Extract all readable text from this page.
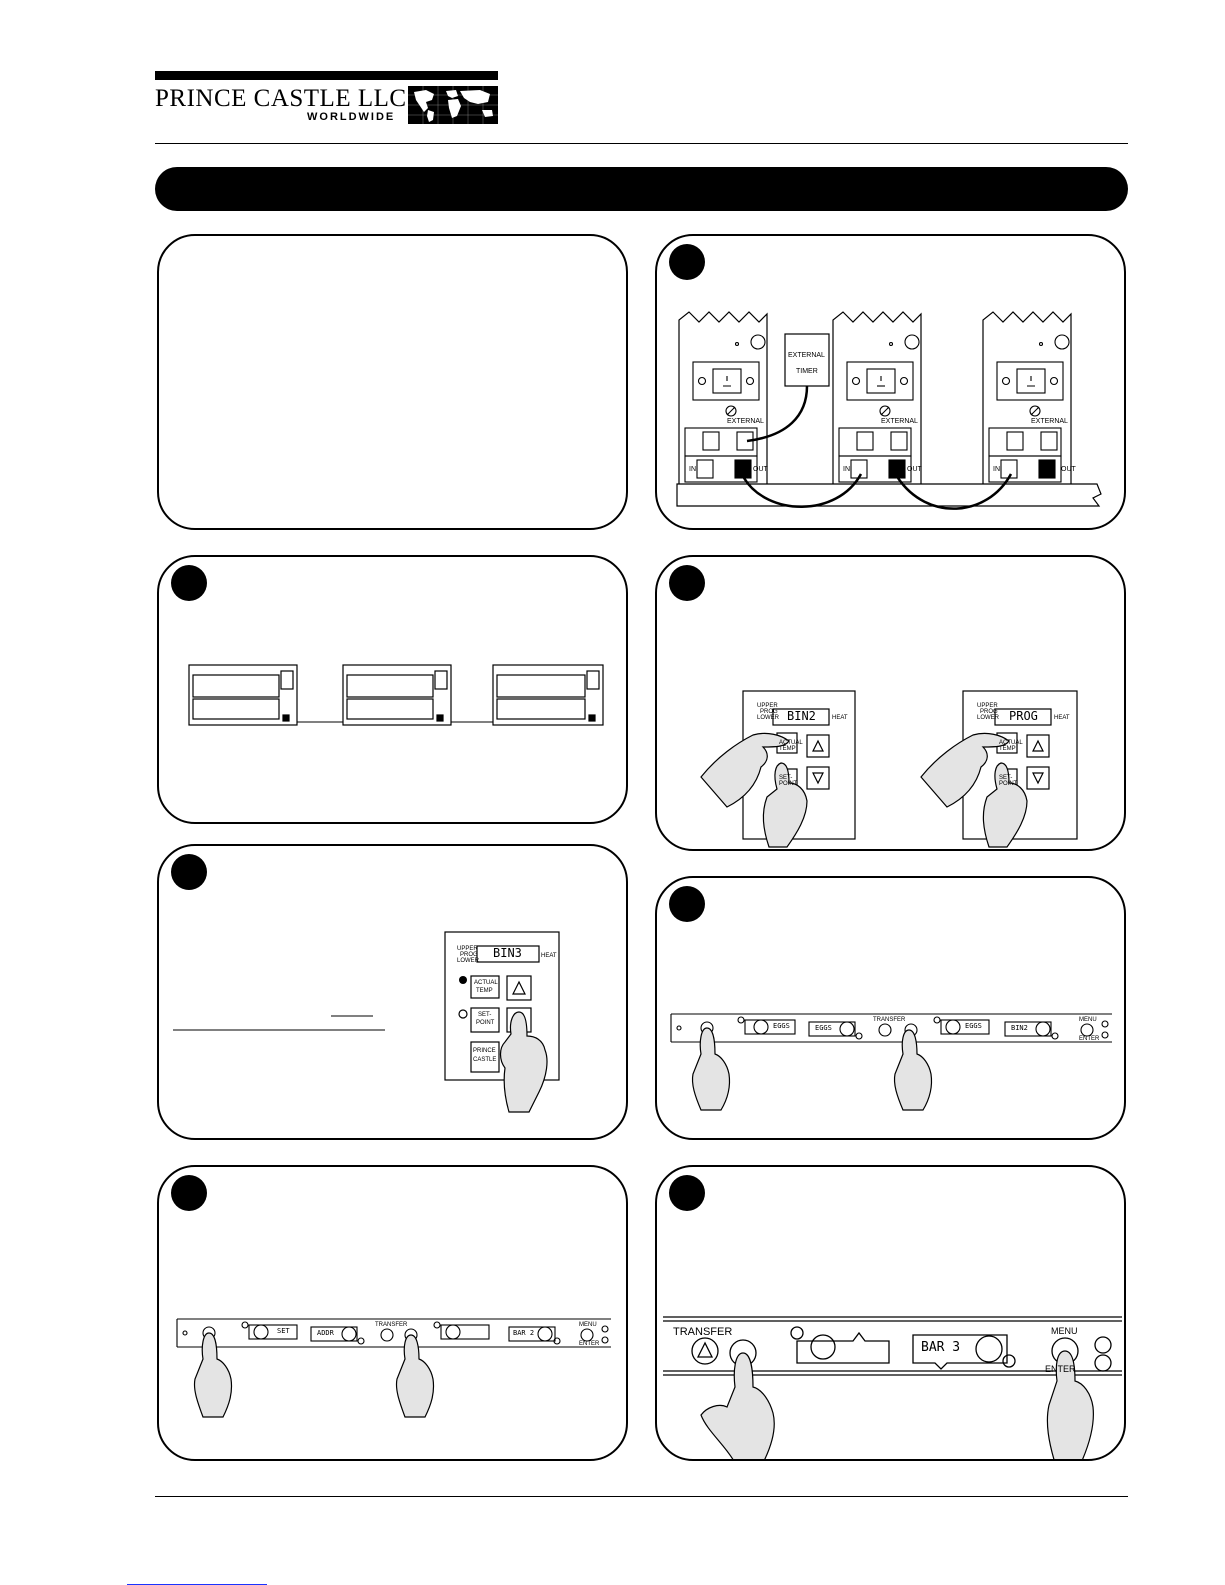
PRINCE CASTLE LLC
WORLDWIDE
EXTERNAL
TIMER
EXTERNAL
IN	OUT
EXTERNAL
IN	OUT
EXTERNAL
IN	OUT
UPPER
PROG
LOWER BIN2	HEAT
ACTUAL TEMP
SET-POINT
UPPER
PROG
LOWER PROG	HEAT
ACTUAL TEMP
SET-POINT
UPPER
PROG
LOWER
BIN3	HEAT
ACTUAL
TEMP
SET-
POINT
PRINCE
CASTLE
EGGS	EGGS	EGGS	BIN2
TRANSFER	MENU
ENTER
SET	ADDR	BAR 2
TRANSFER	MENU
ENTER
TRANSFER
BAR 3
MENU
ENTER
